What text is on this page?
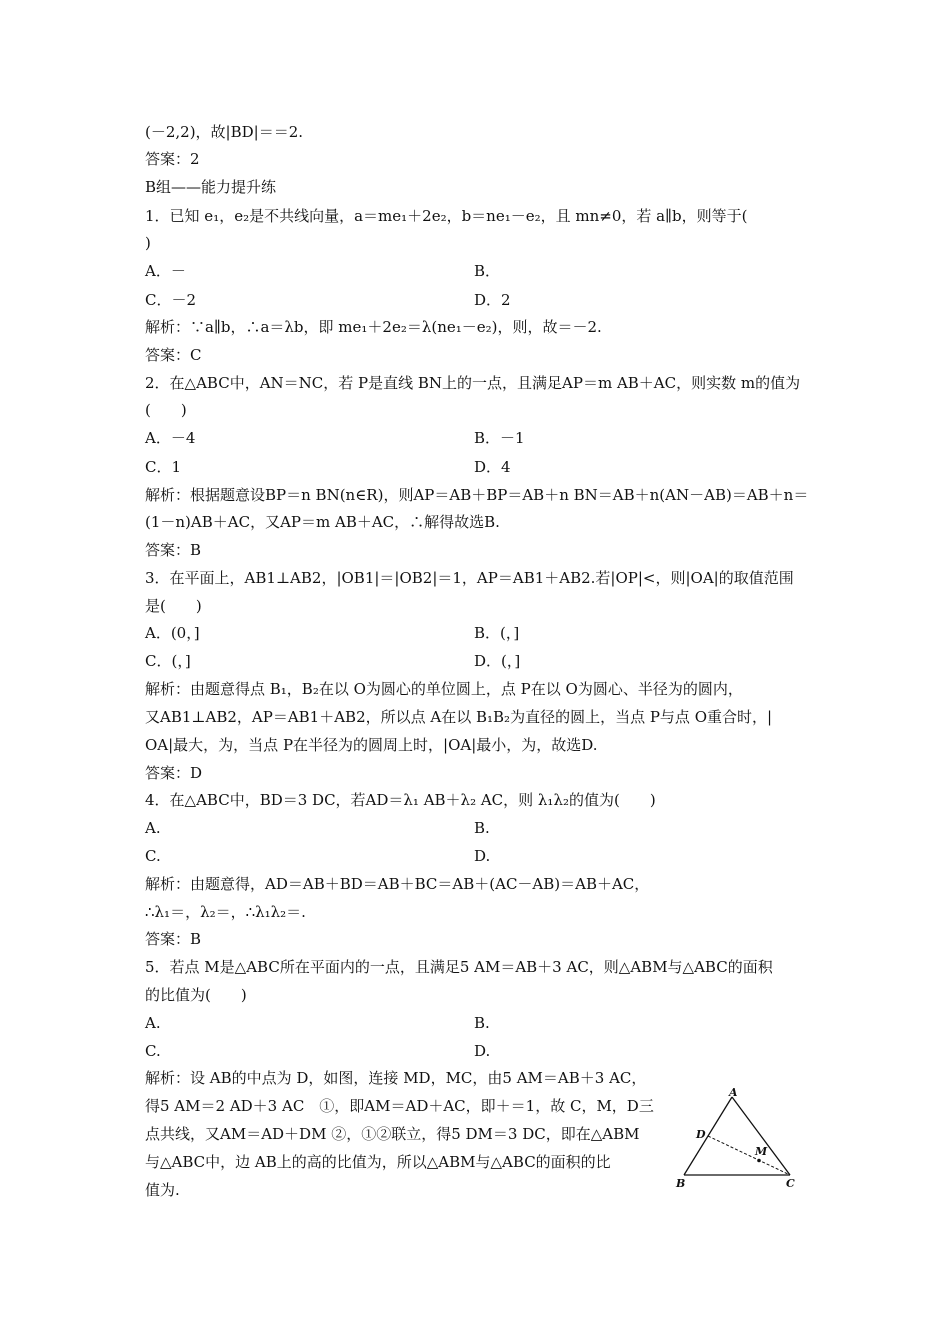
(－2,2)，故|BD|＝＝2.
答案：2
B组——能力提升练
1．已知 e₁，e₂是不共线向量，a＝me₁＋2e₂，b＝ne₁－e₂，且 mn≠0，若 a∥b，则等于(
)
A．－	B．
C．－2	D．2
解析：∵a∥b，∴a＝λb，即 me₁＋2e₂＝λ(ne₁－e₂)，则，故＝－2.
答案：C
2．在△ABC中，AN＝NC，若 P是直线 BN上的一点，且满足AP＝m AB＋AC，则实数 m的值为
(　　)
A．－4	B．－1
C．1	D．4
解析：根据题意设BP＝n BN(n∈R)，则AP＝AB＋BP＝AB＋n BN＝AB＋n(AN－AB)＝AB＋n＝
(1－n)AB＋AC，又AP＝m AB＋AC，∴解得故选B.
答案：B
3．在平面上，AB1⊥AB2，|OB1|＝|OB2|＝1，AP＝AB1＋AB2.若|OP|<，则|OA|的取值范围
是(　　)
A．(0，]	B．(，]
C．(，]	D．(，]
解析：由题意得点 B₁，B₂在以 O为圆心的单位圆上，点 P在以 O为圆心、半径为的圆内，
又AB1⊥AB2，AP＝AB1＋AB2，所以点 A在以 B₁B₂为直径的圆上，当点 P与点 O重合时，|
OA|最大，为，当点 P在半径为的圆周上时，|OA|最小，为，故选D.
答案：D
4．在△ABC中，BD＝3 DC，若AD＝λ₁ AB＋λ₂ AC，则 λ₁λ₂的值为(　　)
A.	B.
C.	D.
解析：由题意得，AD＝AB＋BD＝AB＋BC＝AB＋(AC－AB)＝AB＋AC，
∴λ₁＝，λ₂＝，∴λ₁λ₂＝.
答案：B
5．若点 M是△ABC所在平面内的一点，且满足5 AM＝AB＋3 AC，则△ABM与△ABC的面积
的比值为(　　)
A.	B.
C.	D.
解析：设 AB的中点为 D，如图，连接 MD，MC，由5 AM＝AB＋3 AC，
得5 AM＝2 AD＋3 AC　①，即AM＝AD＋AC，即＋＝1，故 C，M，D三
点共线，又AM＝AD＋DM ②，①②联立，得5 DM＝3 DC，即在△ABM
与△ABC中，边 AB上的高的比值为，所以△ABM与△ABC的面积的比
值为.
A
B	C
D
M
